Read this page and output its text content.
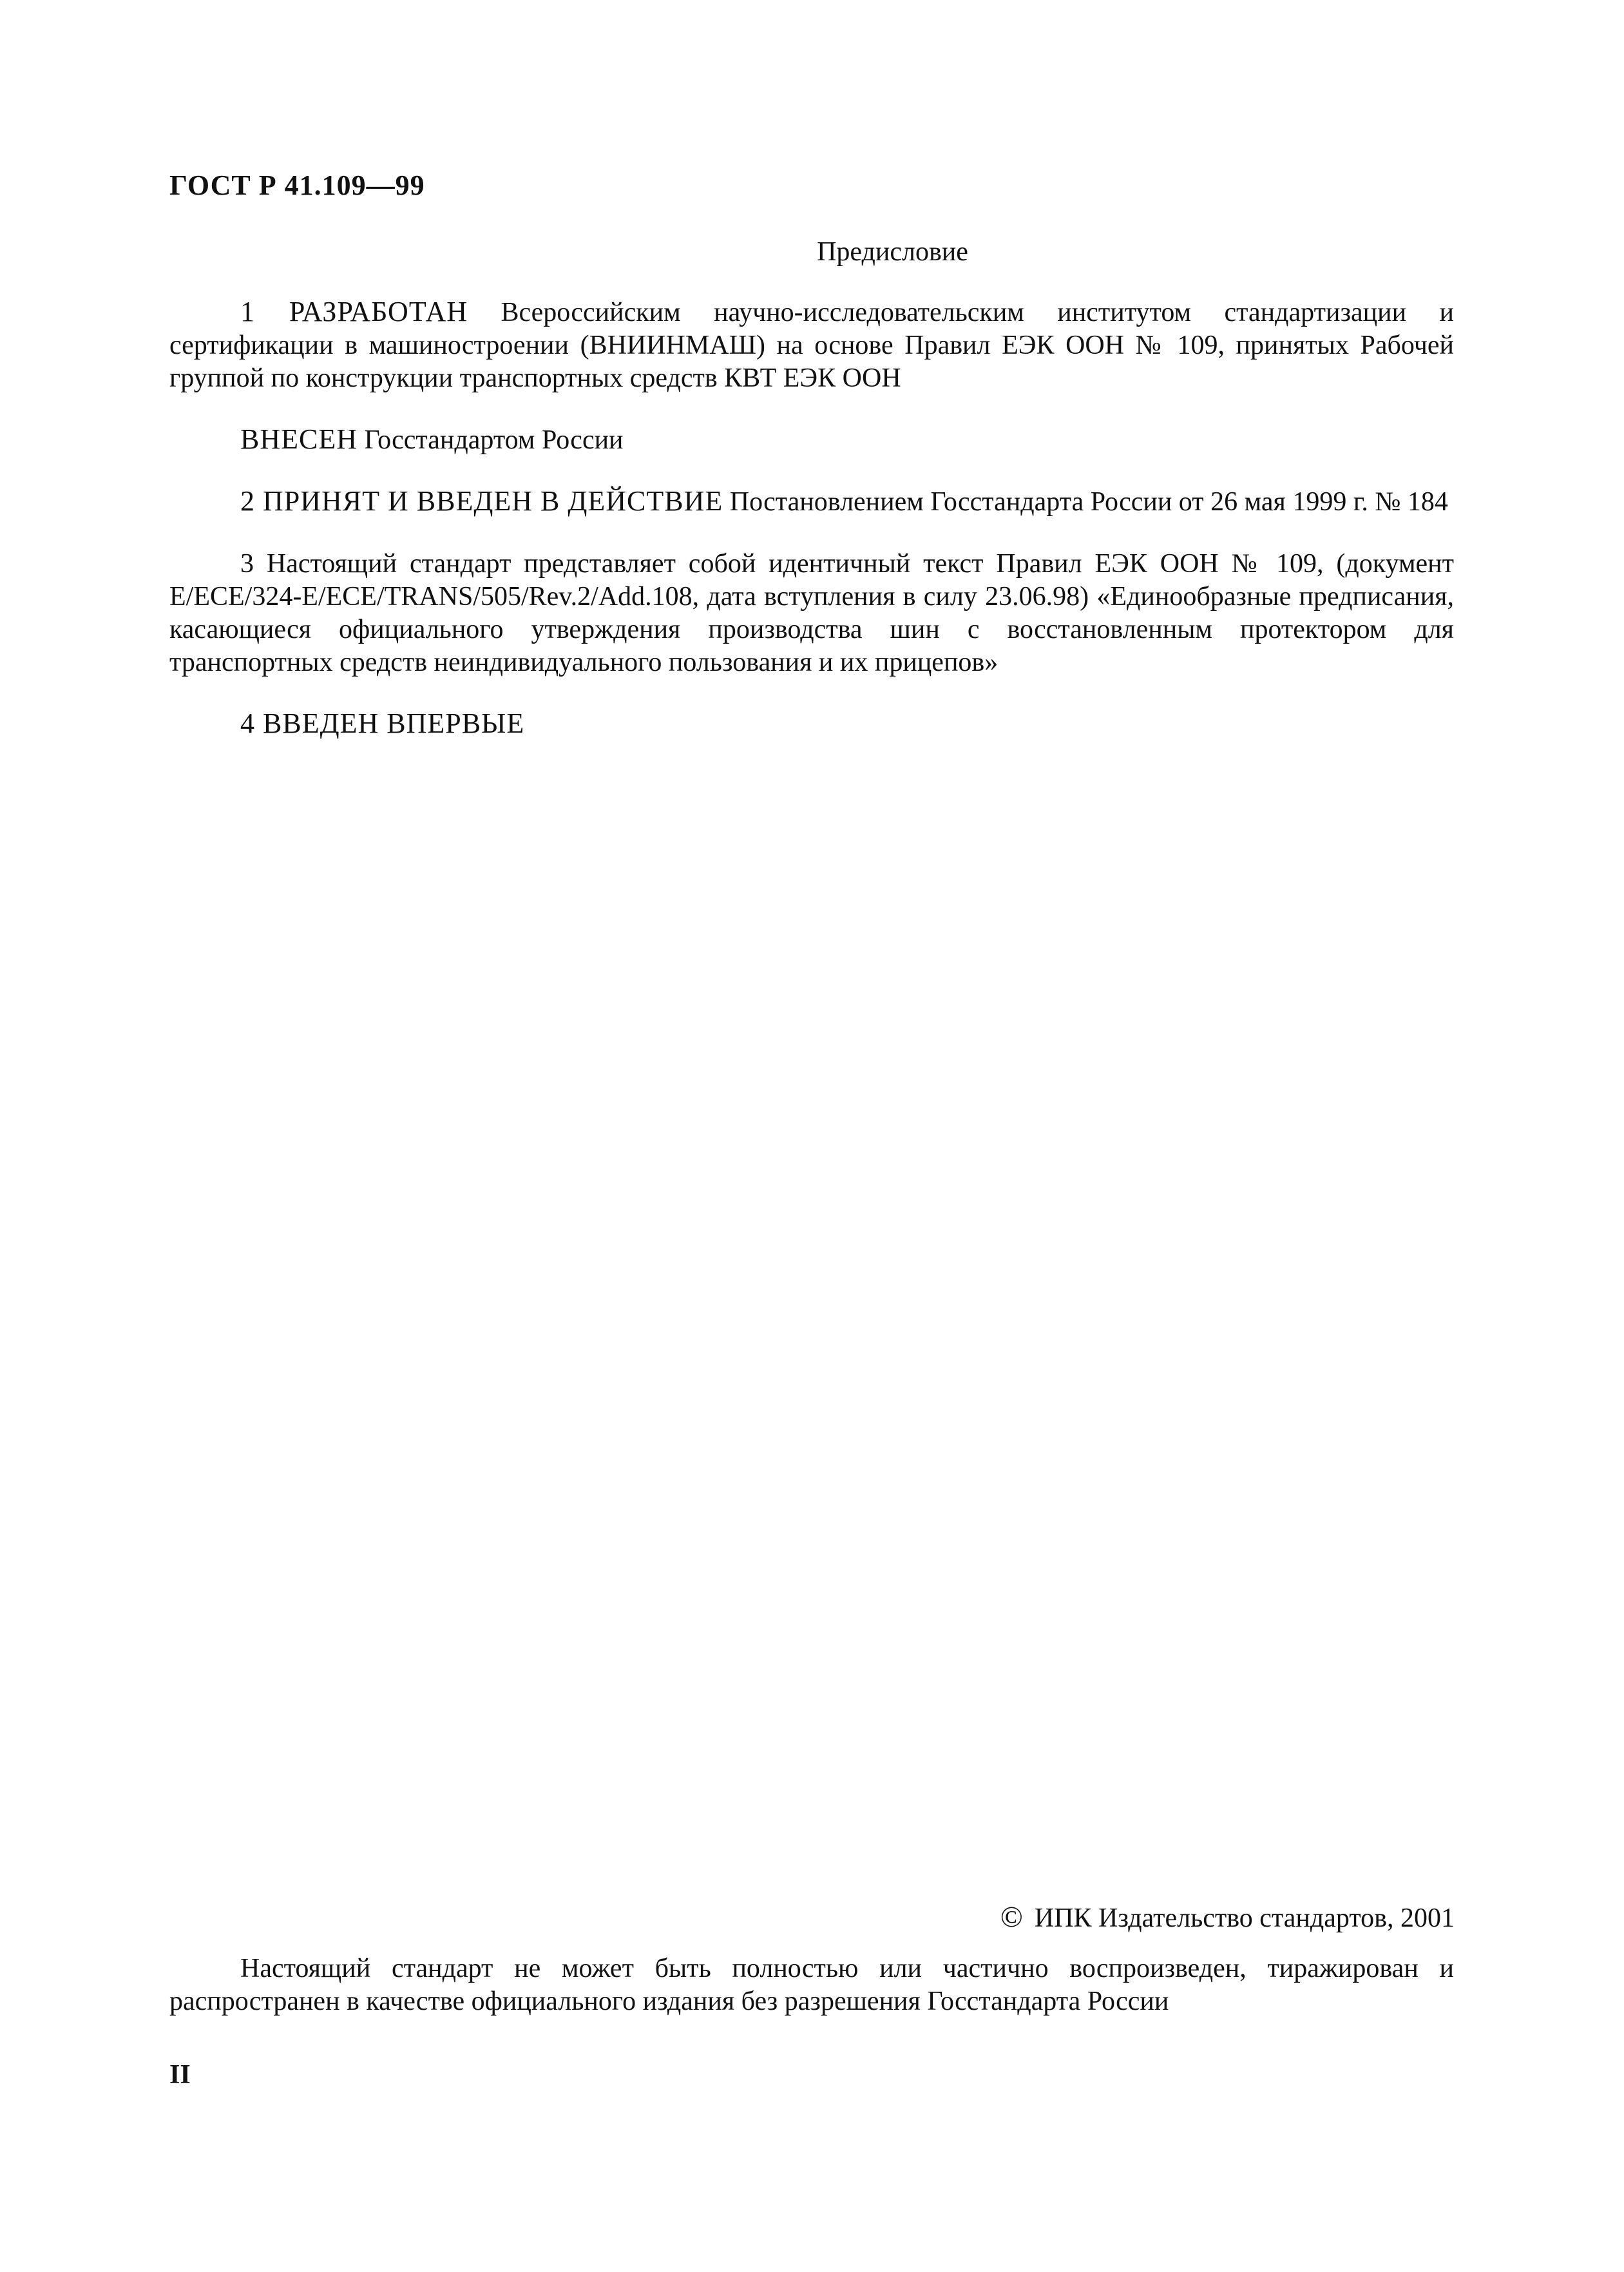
ГОСТ Р 41.109—99
Предисловие

1 РАЗРАБОТАН Всероссийским научно-исследовательским институтом стандартизации и сертификации в машиностроении (ВНИИНМАШ) на основе Правил ЕЭК ООН № 109, принятых Рабочей группой по конструкции транспортных средств КВТ ЕЭК ООН

ВНЕСЕН Госстандартом России

2 ПРИНЯТ И ВВЕДЕН В ДЕЙСТВИЕ Постановлением Госстандарта России от 26 мая 1999 г. № 184

3 Настоящий стандарт представляет собой идентичный текст Правил ЕЭК ООН № 109, (документ E/ECE/324-E/ECE/TRANS/505/Rev.2/Add.108, дата вступления в силу 23.06.98) «Единообразные предписания, касающиеся официального утверждения производства шин с восстановленным протектором для транспортных средств неиндивидуального пользования и их прицепов»

4 ВВЕДЕН ВПЕРВЫЕ

© ИПК Издательство стандартов, 2001

Настоящий стандарт не может быть полностью или частично воспроизведен, тиражирован и распространен в качестве официального издания без разрешения Госстандарта России

II
